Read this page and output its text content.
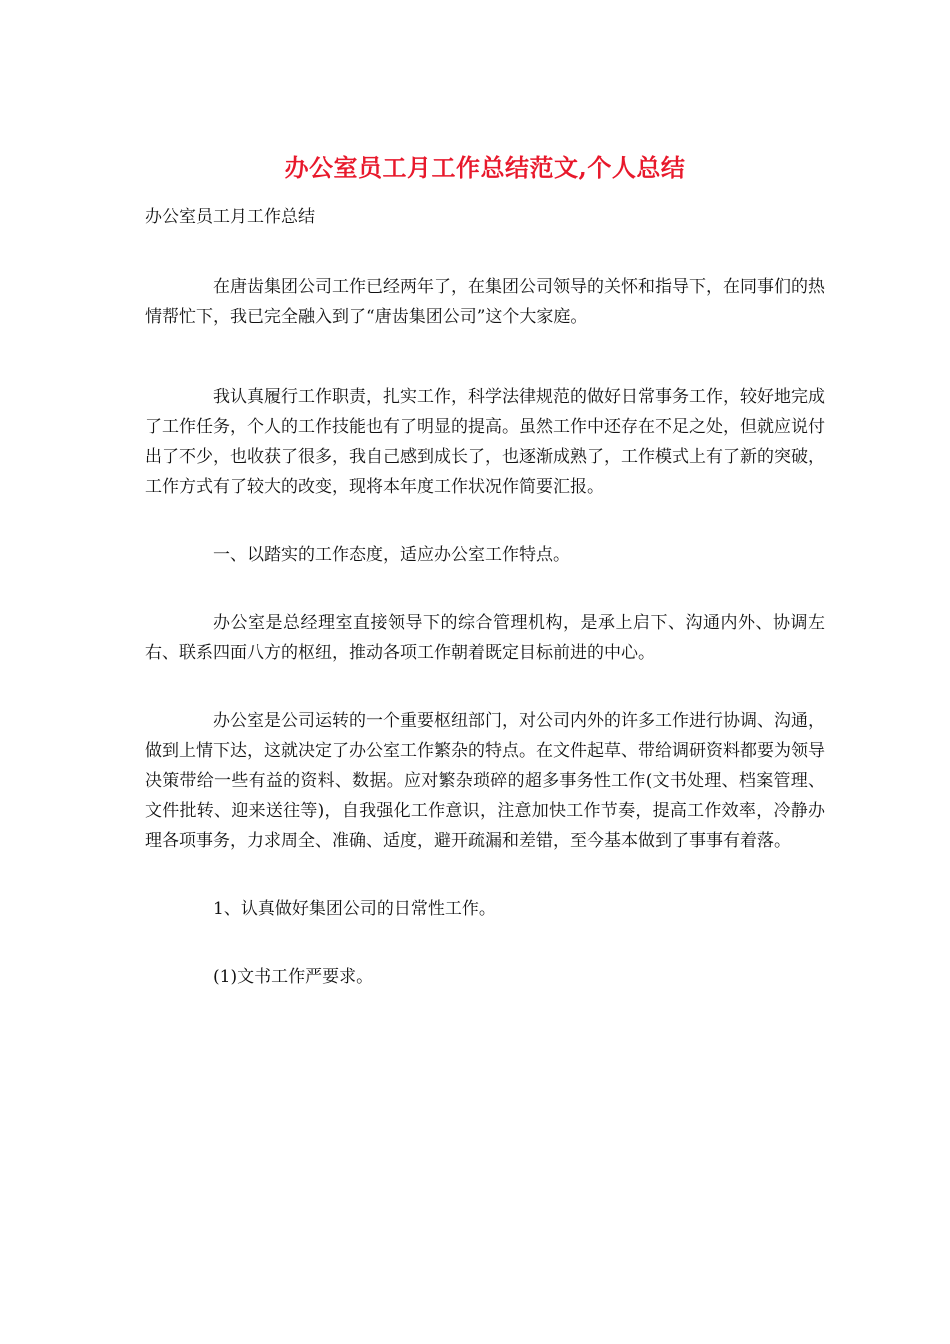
办公室员工月工作总结范文,个人总结
办公室员工月工作总结

在唐齿集团公司工作已经两年了，在集团公司领导的关怀和指导下，在同事们的热情帮忙下，我已完全融入到了“唐齿集团公司”这个大家庭。

我认真履行工作职责，扎实工作，科学法律规范的做好日常事务工作，较好地完成了工作任务，个人的工作技能也有了明显的提高。虽然工作中还存在不足之处，但就应说付出了不少，也收获了很多，我自己感到成长了，也逐渐成熟了，工作模式上有了新的突破，工作方式有了较大的改变，现将本年度工作状况作简要汇报。

一、以踏实的工作态度，适应办公室工作特点。

办公室是总经理室直接领导下的综合管理机构，是承上启下、沟通内外、协调左右、联系四面八方的枢纽，推动各项工作朝着既定目标前进的中心。

办公室是公司运转的一个重要枢纽部门，对公司内外的许多工作进行协调、沟通，做到上情下达，这就决定了办公室工作繁杂的特点。在文件起草、带给调研资料都要为领导决策带给一些有益的资料、数据。应对繁杂琐碎的超多事务性工作(文书处理、档案管理、文件批转、迎来送往等)，自我强化工作意识，注意加快工作节奏，提高工作效率，冷静办理各项事务，力求周全、准确、适度，避开疏漏和差错，至今基本做到了事事有着落。

1、认真做好集团公司的日常性工作。

(1)文书工作严要求。
